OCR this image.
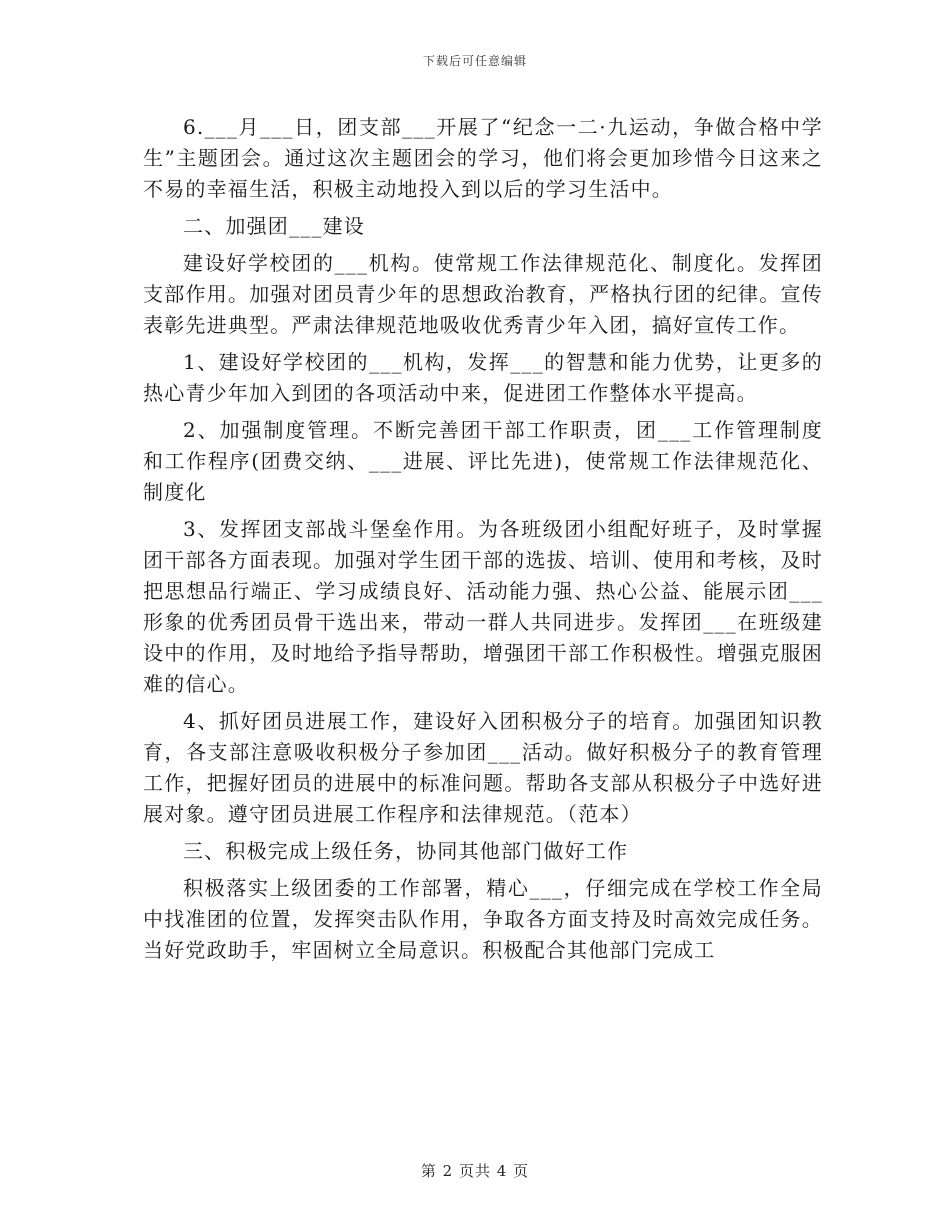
下载后可任意编辑

6.___月___日，团支部___开展了“纪念一二·九运动，争做合格中学生”主题团会。通过这次主题团会的学习，他们将会更加珍惜今日这来之不易的幸福生活，积极主动地投入到以后的学习生活中。

二、加强团___建设

建设好学校团的___机构。使常规工作法律规范化、制度化。发挥团支部作用。加强对团员青少年的思想政治教育，严格执行团的纪律。宣传表彰先进典型。严肃法律规范地吸收优秀青少年入团，搞好宣传工作。

1、建设好学校团的___机构，发挥___的智慧和能力优势，让更多的热心青少年加入到团的各项活动中来，促进团工作整体水平提高。

2、加强制度管理。不断完善团干部工作职责，团___工作管理制度和工作程序(团费交纳、___进展、评比先进)，使常规工作法律规范化、制度化

3、发挥团支部战斗堡垒作用。为各班级团小组配好班子，及时掌握团干部各方面表现。加强对学生团干部的选拔、培训、使用和考核，及时把思想品行端正、学习成绩良好、活动能力强、热心公益、能展示团___形象的优秀团员骨干选出来，带动一群人共同进步。发挥团___在班级建设中的作用，及时地给予指导帮助，增强团干部工作积极性。增强克服困难的信心。

4、抓好团员进展工作，建设好入团积极分子的培育。加强团知识教育，各支部注意吸收积极分子参加团___活动。做好积极分子的教育管理工作，把握好团员的进展中的标准问题。帮助各支部从积极分子中选好进展对象。遵守团员进展工作程序和法律规范。（范本）

三、积极完成上级任务，协同其他部门做好工作

积极落实上级团委的工作部署，精心___，仔细完成在学校工作全局中找准团的位置，发挥突击队作用，争取各方面支持及时高效完成任务。当好党政助手，牢固树立全局意识。积极配合其他部门完成工

第 2 页共 4 页
